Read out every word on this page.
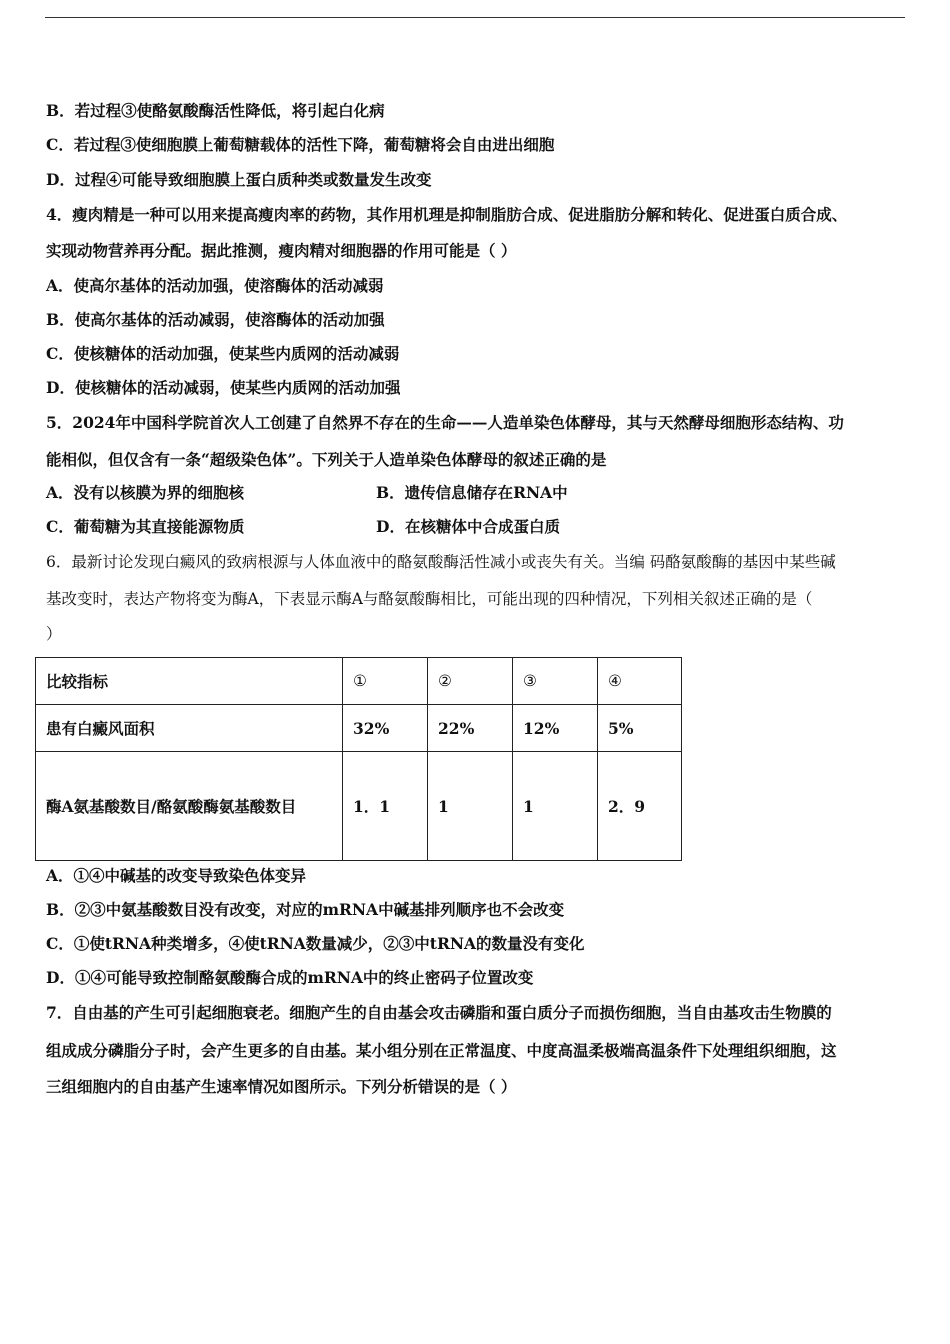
B．若过程③使酪氨酸酶活性降低，将引起白化病
C．若过程③使细胞膜上葡萄糖载体的活性下降，葡萄糖将会自由进出细胞
D．过程④可能导致细胞膜上蛋白质种类或数量发生改变
4．瘦肉精是一种可以用来提高瘦肉率的药物，其作用机理是抑制脂肪合成、促进脂肪分解和转化、促进蛋白质合成、
实现动物营养再分配。据此推测，瘦肉精对细胞器的作用可能是（ ）
A．使高尔基体的活动加强，使溶酶体的活动减弱
B．使高尔基体的活动减弱，使溶酶体的活动加强
C．使核糖体的活动加强，使某些内质网的活动减弱
D．使核糖体的活动减弱，使某些内质网的活动加强
5．2024年中国科学院首次人工创建了自然界不存在的生命——人造单染色体酵母，其与天然酵母细胞形态结构、功
能相似，但仅含有一条“超级染色体”。下列关于人造单染色体酵母的叙述正确的是
A．没有以核膜为界的细胞核	B．遗传信息储存在RNA中
C．葡萄糖为其直接能源物质	D．在核糖体中合成蛋白质
6．最新讨论发现白癜风的致病根源与人体血液中的酪氨酸酶活性减小或丧失有关。当编 码酪氨酸酶的基因中某些碱
基改变时，表达产物将变为酶A，下表显示酶A与酪氨酸酶相比，可能出现的四种情况，下列相关叙述正确的是（
）
比较指标	①	②	③	④
患有白癜风面积	32%	22%	12%	5%
酶A氨基酸数目/酪氨酸酶氨基酸数目	1．1	1	1	2．9
A．①④中碱基的改变导致染色体变异
B．②③中氨基酸数目没有改变，对应的mRNA中碱基排列顺序也不会改变
C．①使tRNA种类增多，④使tRNA数量减少，②③中tRNA的数量没有变化
D．①④可能导致控制酪氨酸酶合成的mRNA中的终止密码子位置改变
7．自由基的产生可引起细胞衰老。细胞产生的自由基会攻击磷脂和蛋白质分子而损伤细胞，当自由基攻击生物膜的
组成成分磷脂分子时，会产生更多的自由基。某小组分别在正常温度、中度高温柔极端高温条件下处理组织细胞，这
三组细胞内的自由基产生速率情况如图所示。下列分析错误的是（ ）
